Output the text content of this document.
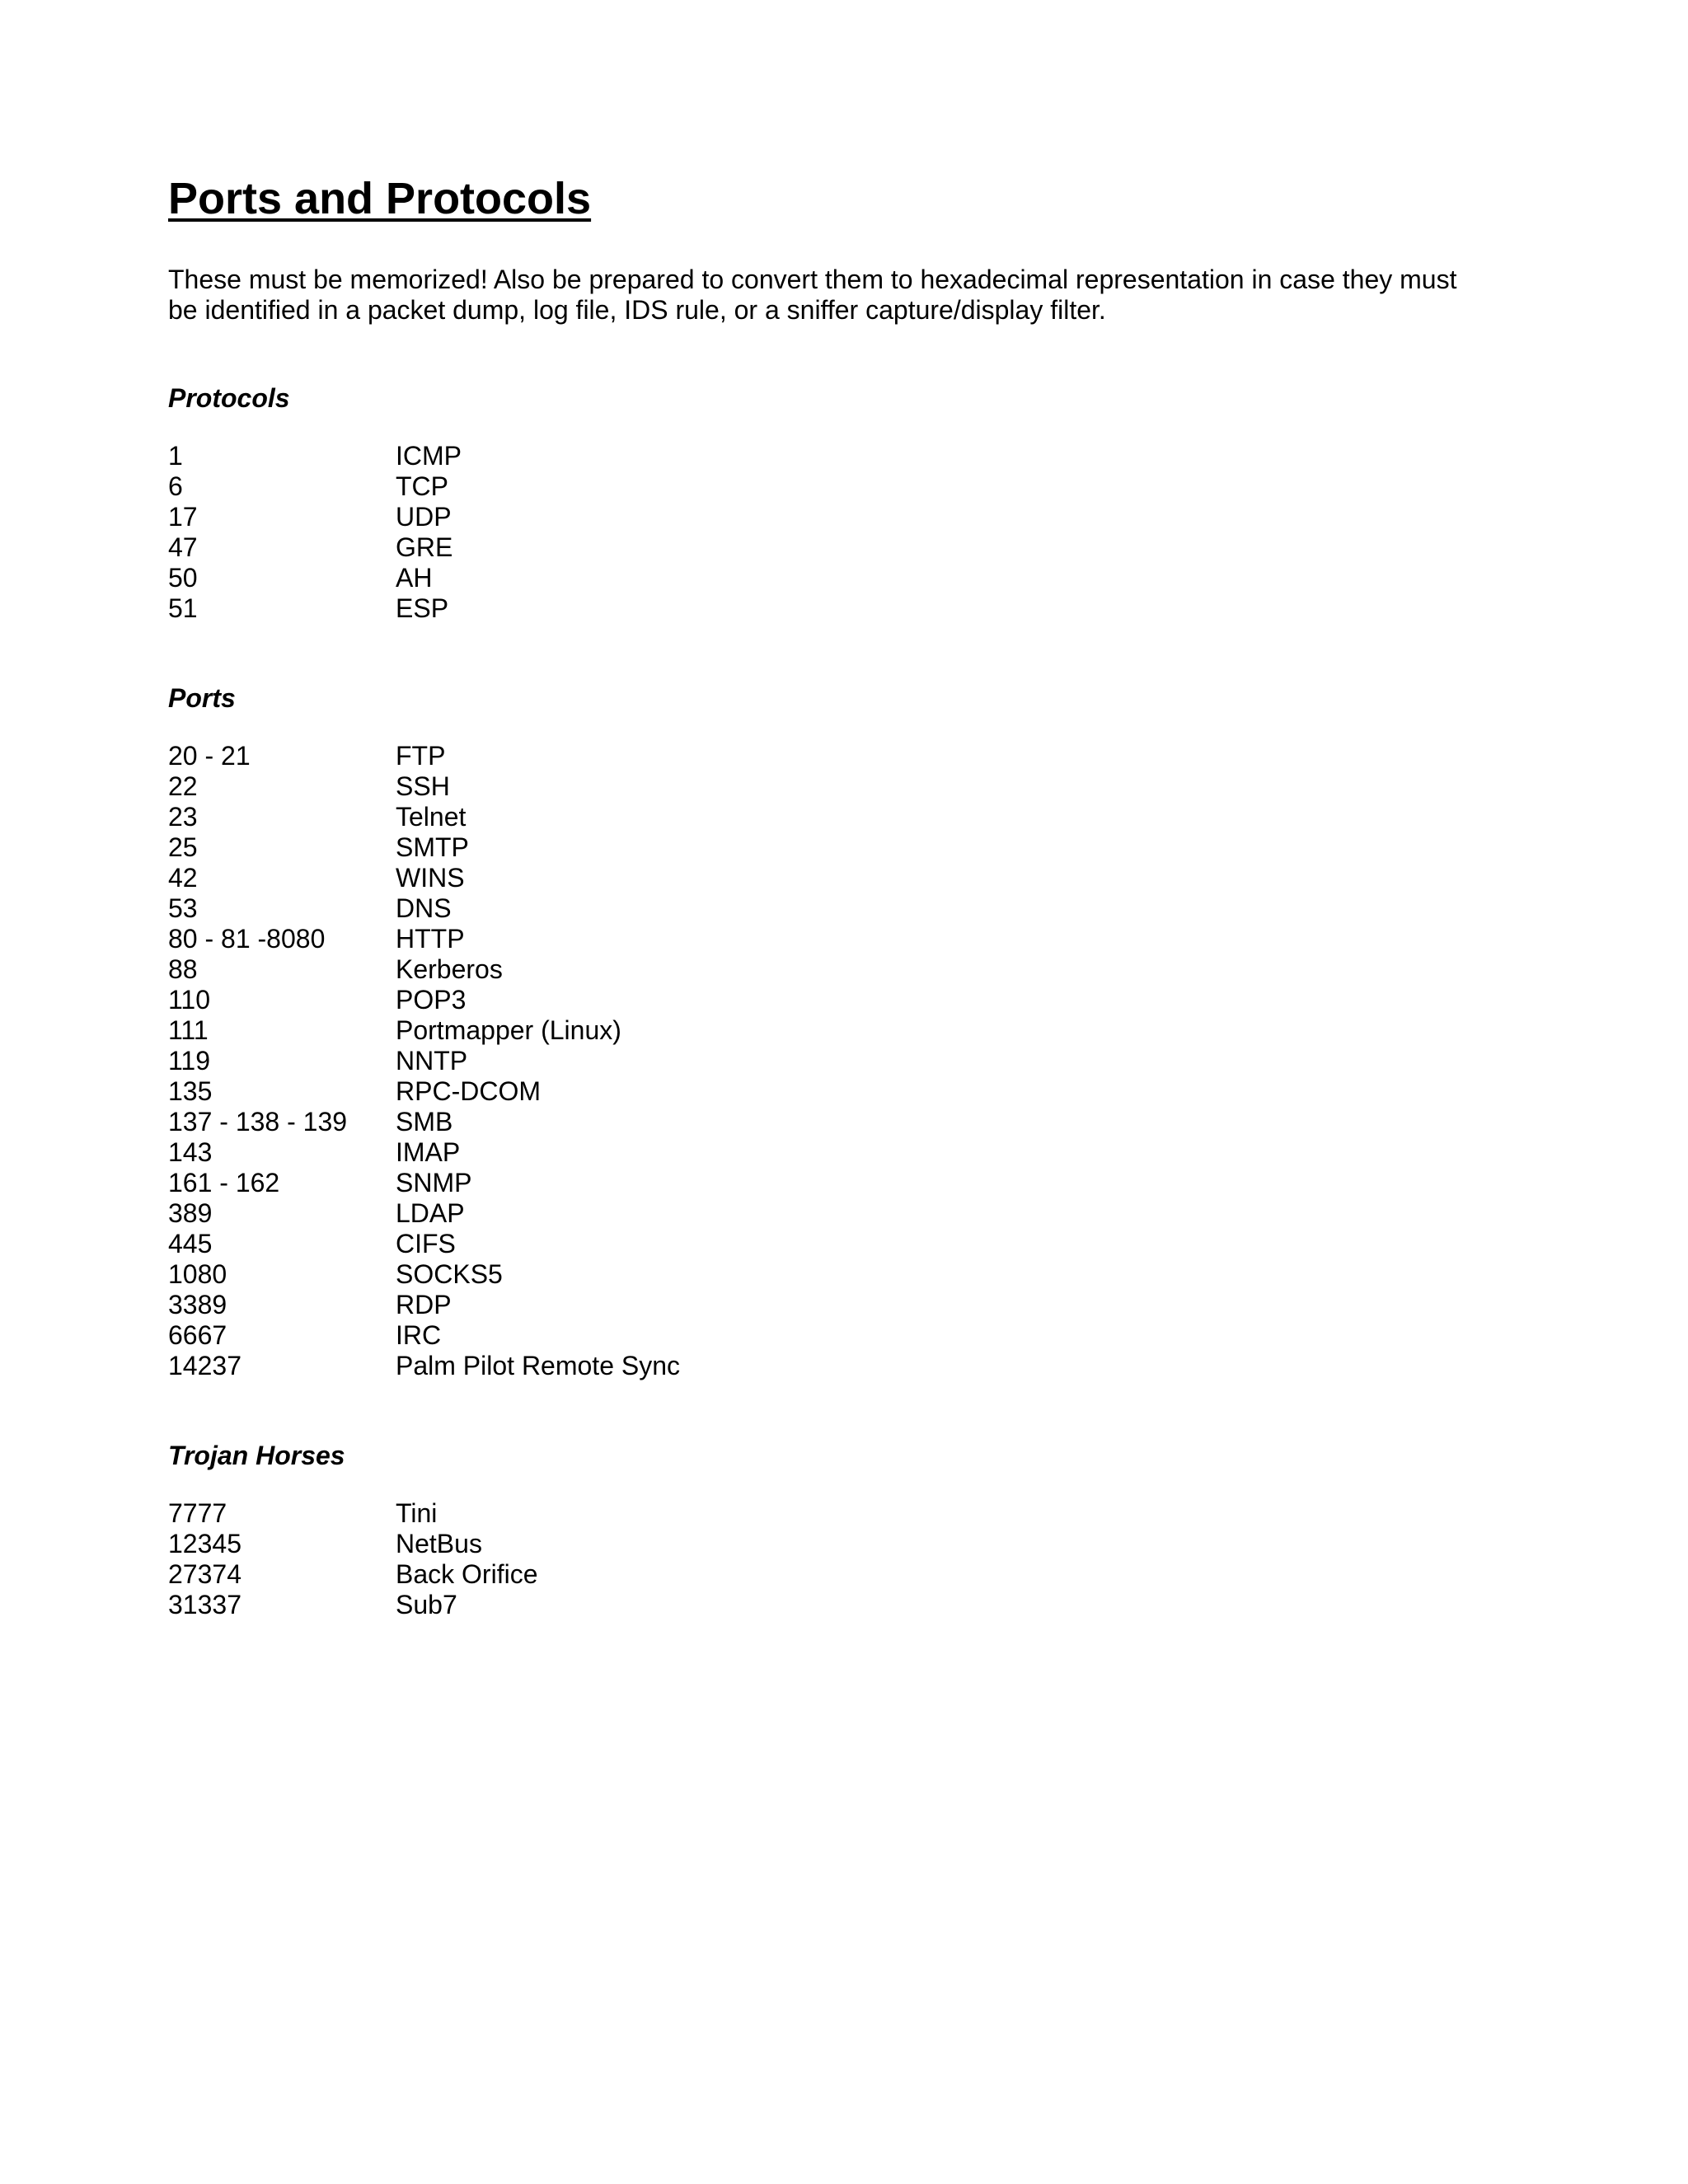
Ports and Protocols

These must be memorized! Also be prepared to convert them to hexadecimal representation in case they must be identified in a packet dump, log file, IDS rule, or a sniffer capture/display filter.

Protocols
1	ICMP
6	TCP
17	UDP
47	GRE
50	AH
51	ESP
Ports
20 - 21	FTP
22	SSH
23	Telnet
25	SMTP
42	WINS
53	DNS
80 - 81 -8080	HTTP
88	Kerberos
110	POP3
111	Portmapper (Linux)
119	NNTP
135	RPC-DCOM
137 - 138 - 139	SMB
143	IMAP
161 - 162	SNMP
389	LDAP
445	CIFS
1080	SOCKS5
3389	RDP
6667	IRC
14237	Palm Pilot Remote Sync
Trojan Horses
7777	Tini
12345	NetBus
27374	Back Orifice
31337	Sub7
